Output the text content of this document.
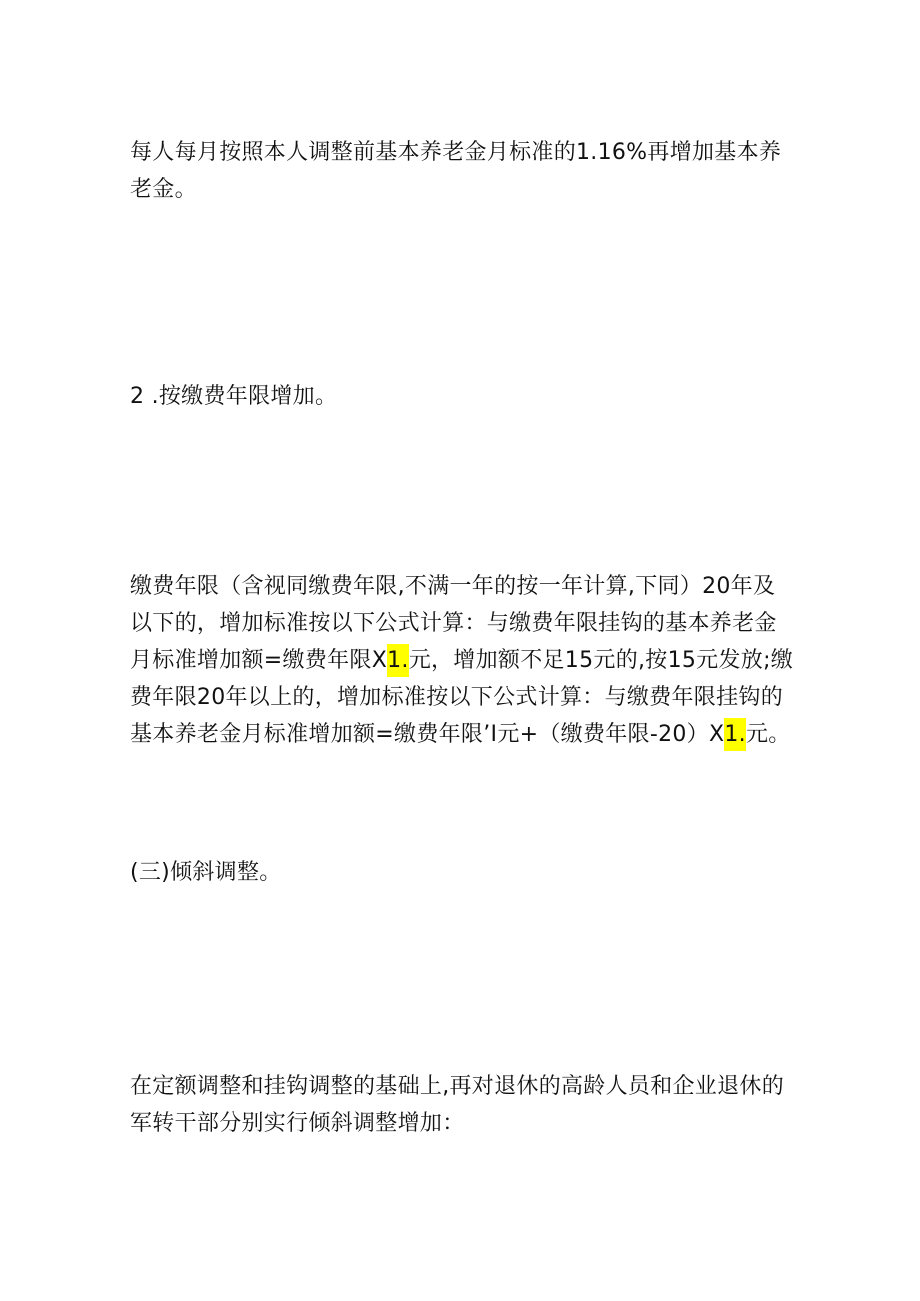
每人每月按照本人调整前基本养老金月标准的1.16%再增加基本养老金。

2 .按缴费年限增加。

缴费年限（含视同缴费年限,不满一年的按一年计算,下同）20年及以下的，增加标准按以下公式计算：与缴费年限挂钩的基本养老金月标准增加额=缴费年限X1.元，增加额不足15元的,按15元发放;缴费年限20年以上的，增加标准按以下公式计算：与缴费年限挂钩的基本养老金月标准增加额=缴费年限’I元+（缴费年限-20）X1.元。

(三)倾斜调整。

在定额调整和挂钩调整的基础上,再对退休的高龄人员和企业退休的军转干部分别实行倾斜调整增加：
